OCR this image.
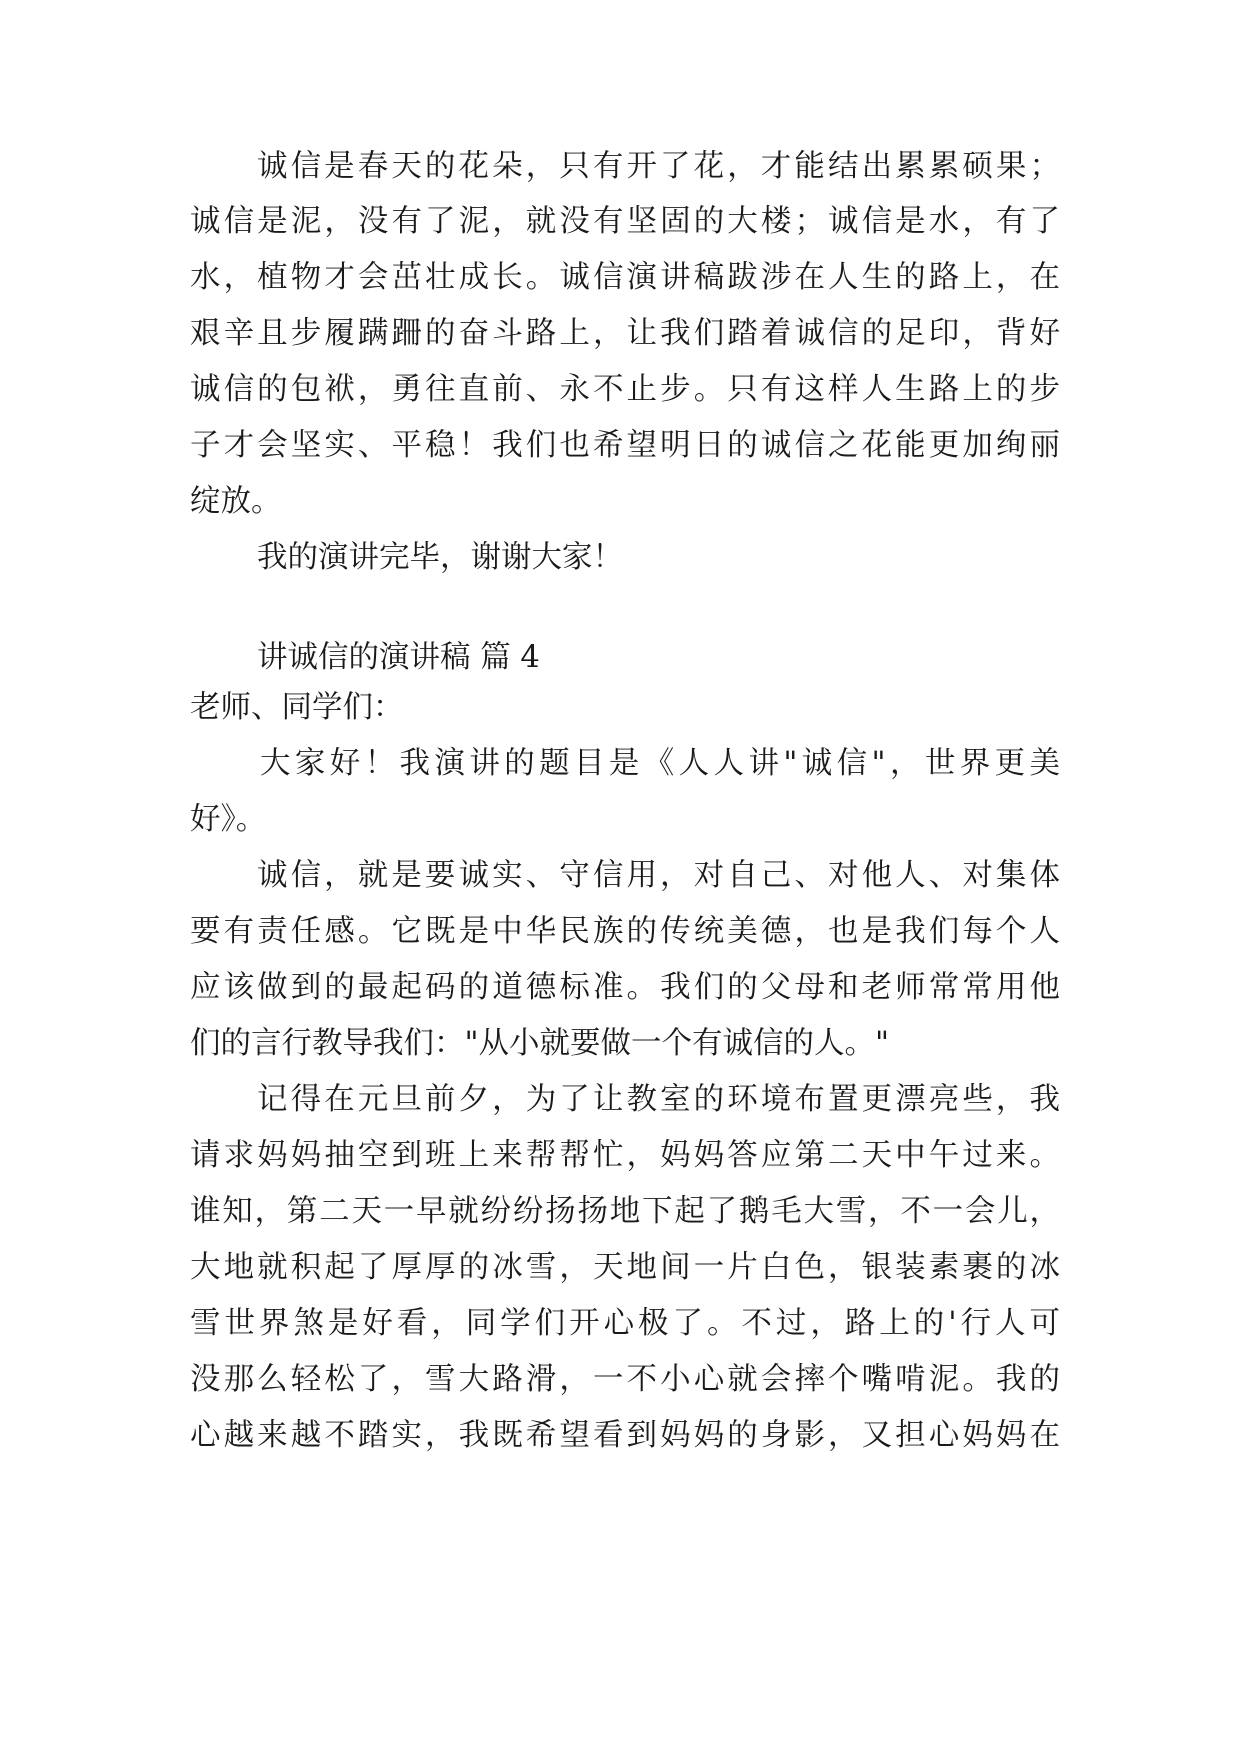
诚信是春天的花朵，只有开了花，才能结出累累硕果；
诚信是泥，没有了泥，就没有坚固的大楼；诚信是水，有了
水，植物才会茁壮成长。诚信演讲稿跋涉在人生的路上，在
艰辛且步履蹒跚的奋斗路上，让我们踏着诚信的足印，背好
诚信的包袱，勇往直前、永不止步。只有这样人生路上的步
子才会坚实、平稳！我们也希望明日的诚信之花能更加绚丽
绽放。
我的演讲完毕，谢谢大家！
讲诚信的演讲稿 篇 4
老师、同学们：
大家好！我演讲的题目是《人人讲"诚信"，世界更美
好》。
诚信，就是要诚实、守信用，对自己、对他人、对集体
要有责任感。它既是中华民族的传统美德，也是我们每个人
应该做到的最起码的道德标准。我们的父母和老师常常用他
们的言行教导我们："从小就要做一个有诚信的人。"
记得在元旦前夕，为了让教室的环境布置更漂亮些，我
请求妈妈抽空到班上来帮帮忙，妈妈答应第二天中午过来。
谁知，第二天一早就纷纷扬扬地下起了鹅毛大雪，不一会儿，
大地就积起了厚厚的冰雪，天地间一片白色，银装素裹的冰
雪世界煞是好看，同学们开心极了。不过，路上的'行人可
没那么轻松了，雪大路滑，一不小心就会摔个嘴啃泥。我的
心越来越不踏实，我既希望看到妈妈的身影，又担心妈妈在
